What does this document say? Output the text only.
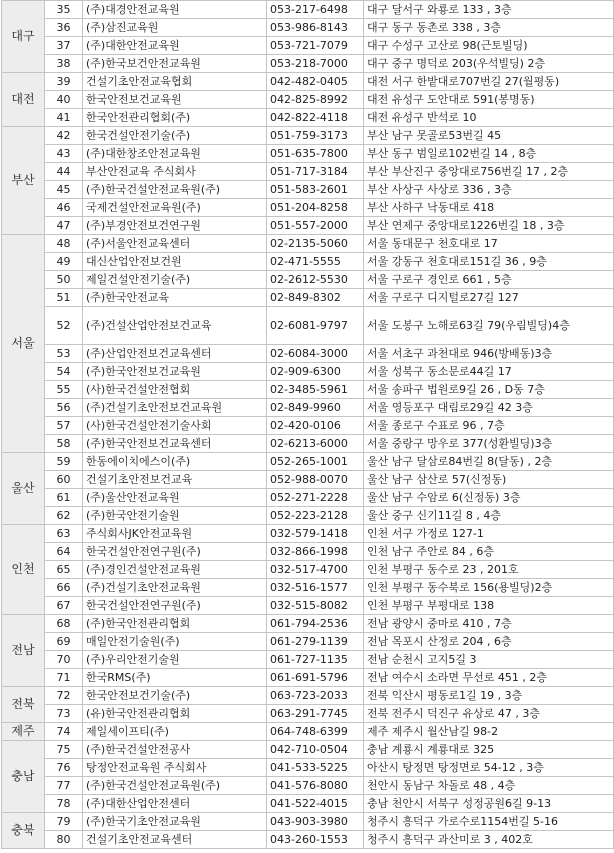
대구	35	(주)대경안전교육원	053-217-6498	대구 달서구 와룡로 133 , 3층
	36	(주)삼진교육원	053-986-8143	대구 동구 동촌로 338 , 3층
	37	(주)대한안전교육원	053-721-7079	대구 수성구 고산로 98(근토빌딩)
	38	(주)한국보건안전교육원	053-218-7000	대구 중구 명덕로 203(우석빌딩) 2층
대전	39	건설기초안전교육협회	042-482-0405	대전 서구 한밭대로707번길 27(월평동)
	40	한국안전보건교육원	042-825-8992	대전 유성구 도안대로 591(봉명동)
	41	한국안전관리협회(주)	042-822-4118	대전 유성구 반석로 10
부산	42	한국건설안전기술(주)	051-759-3173	부산 남구 못골로53번길 45
	43	(주)대한창조안전교육원	051-635-7800	부산 동구 범일로102번길 14 , 8층
	44	부산안전교육 주식회사	051-717-3184	부산 부산진구 중앙대로756번길 17 , 2층
	45	(주)한국건설안전교육원(주)	051-583-2601	부산 사상구 사상로 336 , 3층
	46	국제건설안전교육원(주)	051-204-8258	부산 사하구 낙동대로 418
	47	(주)부경안전보건연구원	051-557-2000	부산 연제구 중앙대로1226번길 18 , 3층
서울	48	(주)서울안전교육센터	02-2135-5060	서울 동대문구 천호대로 17
	49	대신산업안전보건원	02-471-5555	서울 강동구 천호대로151길 36 , 9층
	50	제일건설안전기술(주)	02-2612-5530	서울 구로구 경인로 661 , 5층
	51	(주)한국안전교육	02-849-8302	서울 구로구 디지털로27길 127
	52	(주)건설산업안전보건교육	02-6081-9797	서울 도봉구 노해로63길 79(우림빌딩)4층
	53	(주)산업안전보건교육센터	02-6084-3000	서울 서초구 과천대로 946(방배동)3층
	54	(주)한국안전보건교육원	02-909-6300	서울 성북구 동소문로44길 17
	55	(사)한국건설안전협회	02-3485-5961	서울 송파구 법원로9길 26 , D동 7층
	56	(주)건설기초안전보건교육원	02-849-9960	서울 영등포구 대림로29길 42 3층
	57	(사)한국건설안전기술사회	02-420-0106	서울 종로구 수표로 96 , 7층
	58	(주)한국안전보건교육센터	02-6213-6000	서울 중랑구 망우로 377(성환빌딩)3층
울산	59	한동에이치에스이(주)	052-265-1001	울산 남구 달삼로84번길 8(달동) , 2층
	60	건설기초안전보건교육	052-988-0070	울산 남구 삼산로 57(신정동)
	61	(주)울산안전교육원	052-271-2228	울산 남구 수암로 6(신정동) 3층
	62	(주)한국안전기술원	052-223-2128	울산 중구 신기11길 8 , 4층
인천	63	주식회사JK안전교육원	032-579-1418	인천 서구 가정로 127-1
	64	한국건설안전연구원(주)	032-866-1998	인천 남구 주안로 84 , 6층
	65	(주)경인건설안전교육원	032-517-4700	인천 부평구 동수로 23 , 201호
	66	(주)건설기초안전교육원	032-516-1577	인천 부평구 동수북로 156(용빌딩)2층
	67	한국건설안전연구원(주)	032-515-8082	인천 부평구 부평대로 138
전남	68	(주)한국안전관리협회	061-794-2536	전남 광양시 중마로 410 , 7층
	69	매일안전기술원(주)	061-279-1139	전남 목포시 산정로 204 , 6층
	70	(주)우리안전기술원	061-727-1135	전남 순천시 고지5길 3
	71	한국RMS(주)	061-691-5796	전남 여수시 소라면 무선로 451 , 2층
전북	72	한국안전보건기술(주)	063-723-2033	전북 익산시 평동로1길 19 , 3층
	73	(유)한국안전관리협회	063-291-7745	전북 전주시 덕진구 유상로 47 , 3층
제주	74	제일세이프티(주)	064-748-6399	제주 제주시 월산남길 98-2
충남	75	(주)한국건설안전공사	042-710-0504	충남 계룡시 계룡대로 325
	76	탕정안전교육원 주식회사	041-533-5225	아산시 탕정면 탕정면로 54-12 , 3층
	77	(주)한국건설안전교육원(주)	041-576-8080	천안시 동남구 차돌로 48 , 4층
	78	(주)대한산업안전센터	041-522-4015	충남 천안시 서북구 성정공원6길 9-13
충북	79	(주)한국기초안전교육원	043-903-3980	청주시 흥덕구 가로수로1154번길 5-16
	80	건설기초안전교육센터	043-260-1553	청주시 흥덕구 과산미로 3 , 402호
